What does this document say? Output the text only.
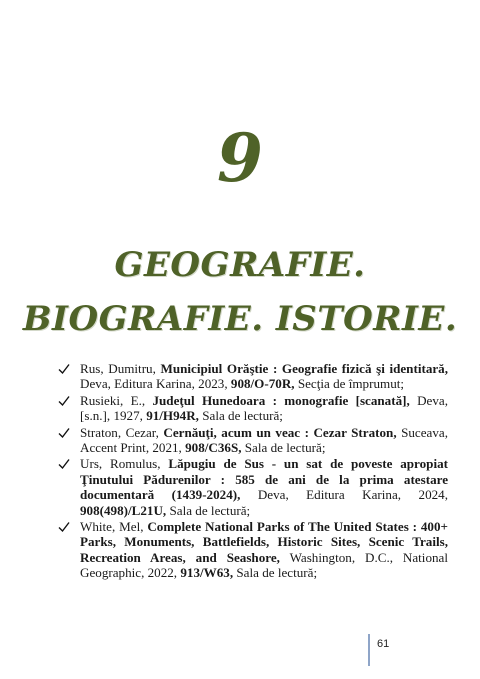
9
GEOGRAFIE.
BIOGRAFIE. ISTORIE.
Rus, Dumitru, Municipiul Orăştie : Geografie fizică şi identitară, Deva, Editura Karina, 2023, 908/O-70R, Secţia de împrumut;
Rusieki, E., Judeţul Hunedoara : monografie [scanată], Deva, [s.n.], 1927, 91/H94R, Sala de lectură;
Straton, Cezar, Cernăuţi, acum un veac : Cezar Straton, Suceava, Accent Print, 2021, 908/C36S, Sala de lectură;
Urs, Romulus, Lăpugiu de Sus - un sat de poveste apropiat Ţinutului Pădurenilor : 585 de ani de la prima atestare documentară (1439-2024), Deva, Editura Karina, 2024, 908(498)/L21U, Sala de lectură;
White, Mel, Complete National Parks of The United States : 400+ Parks, Monuments, Battlefields, Historic Sites, Scenic Trails, Recreation Areas, and Seashore, Washington, D.C., National Geographic, 2022, 913/W63, Sala de lectură;
61
